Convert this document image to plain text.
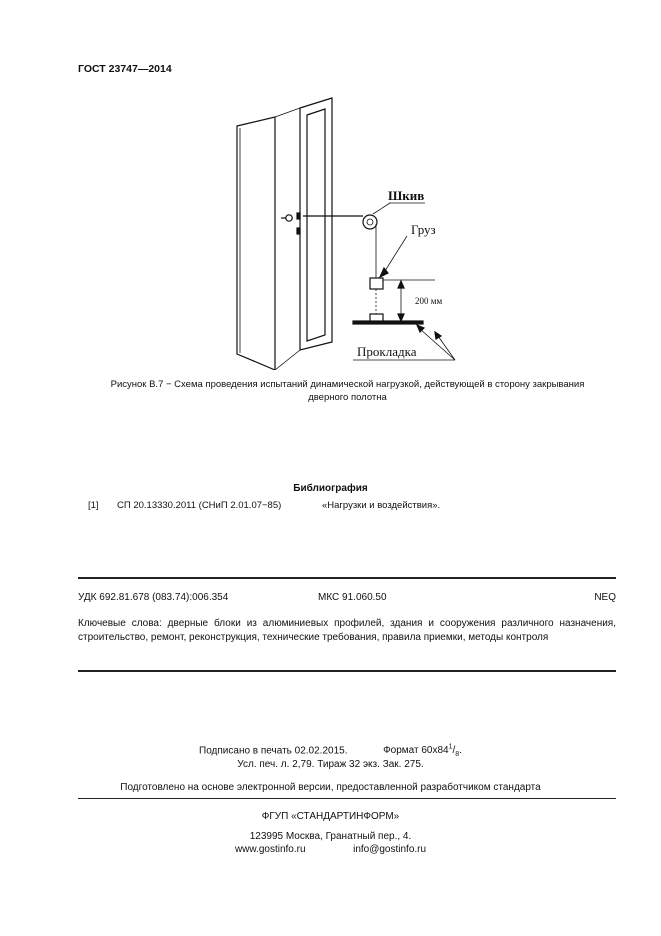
ГОСТ 23747—2014
Шкив
Груз
200 мм
Прокладка
Рисунок В.7 − Схема проведения испытаний динамической нагрузкой, действующей в сторону закрывания
дверного полотна
Библиография
[1] СП 20.13330.2011 (СНиП 2.01.07−85)	«Нагрузки и воздействия».
УДК 692.81.678 (083.74):006.354	МКС 91.060.50	NEQ
Ключевые слова: дверные блоки из алюминиевых профилей, здания и сооружения различного назначения, строительство, ремонт, реконструкция, технические требования, правила приемки, методы контроля
Подписано в печать 02.02.2015.	Формат $60x84^1/_8$.
Усл. печ. л. 2,79. Тираж 32 экз. Зак. 275.
Подготовлено на основе электронной версии, предоставленной разработчиком стандарта
ФГУП «СТАНДАРТИНФОРМ»
123995 Москва, Гранатный пер., 4.
www.gostinfo.ru	info@gostinfo.ru
